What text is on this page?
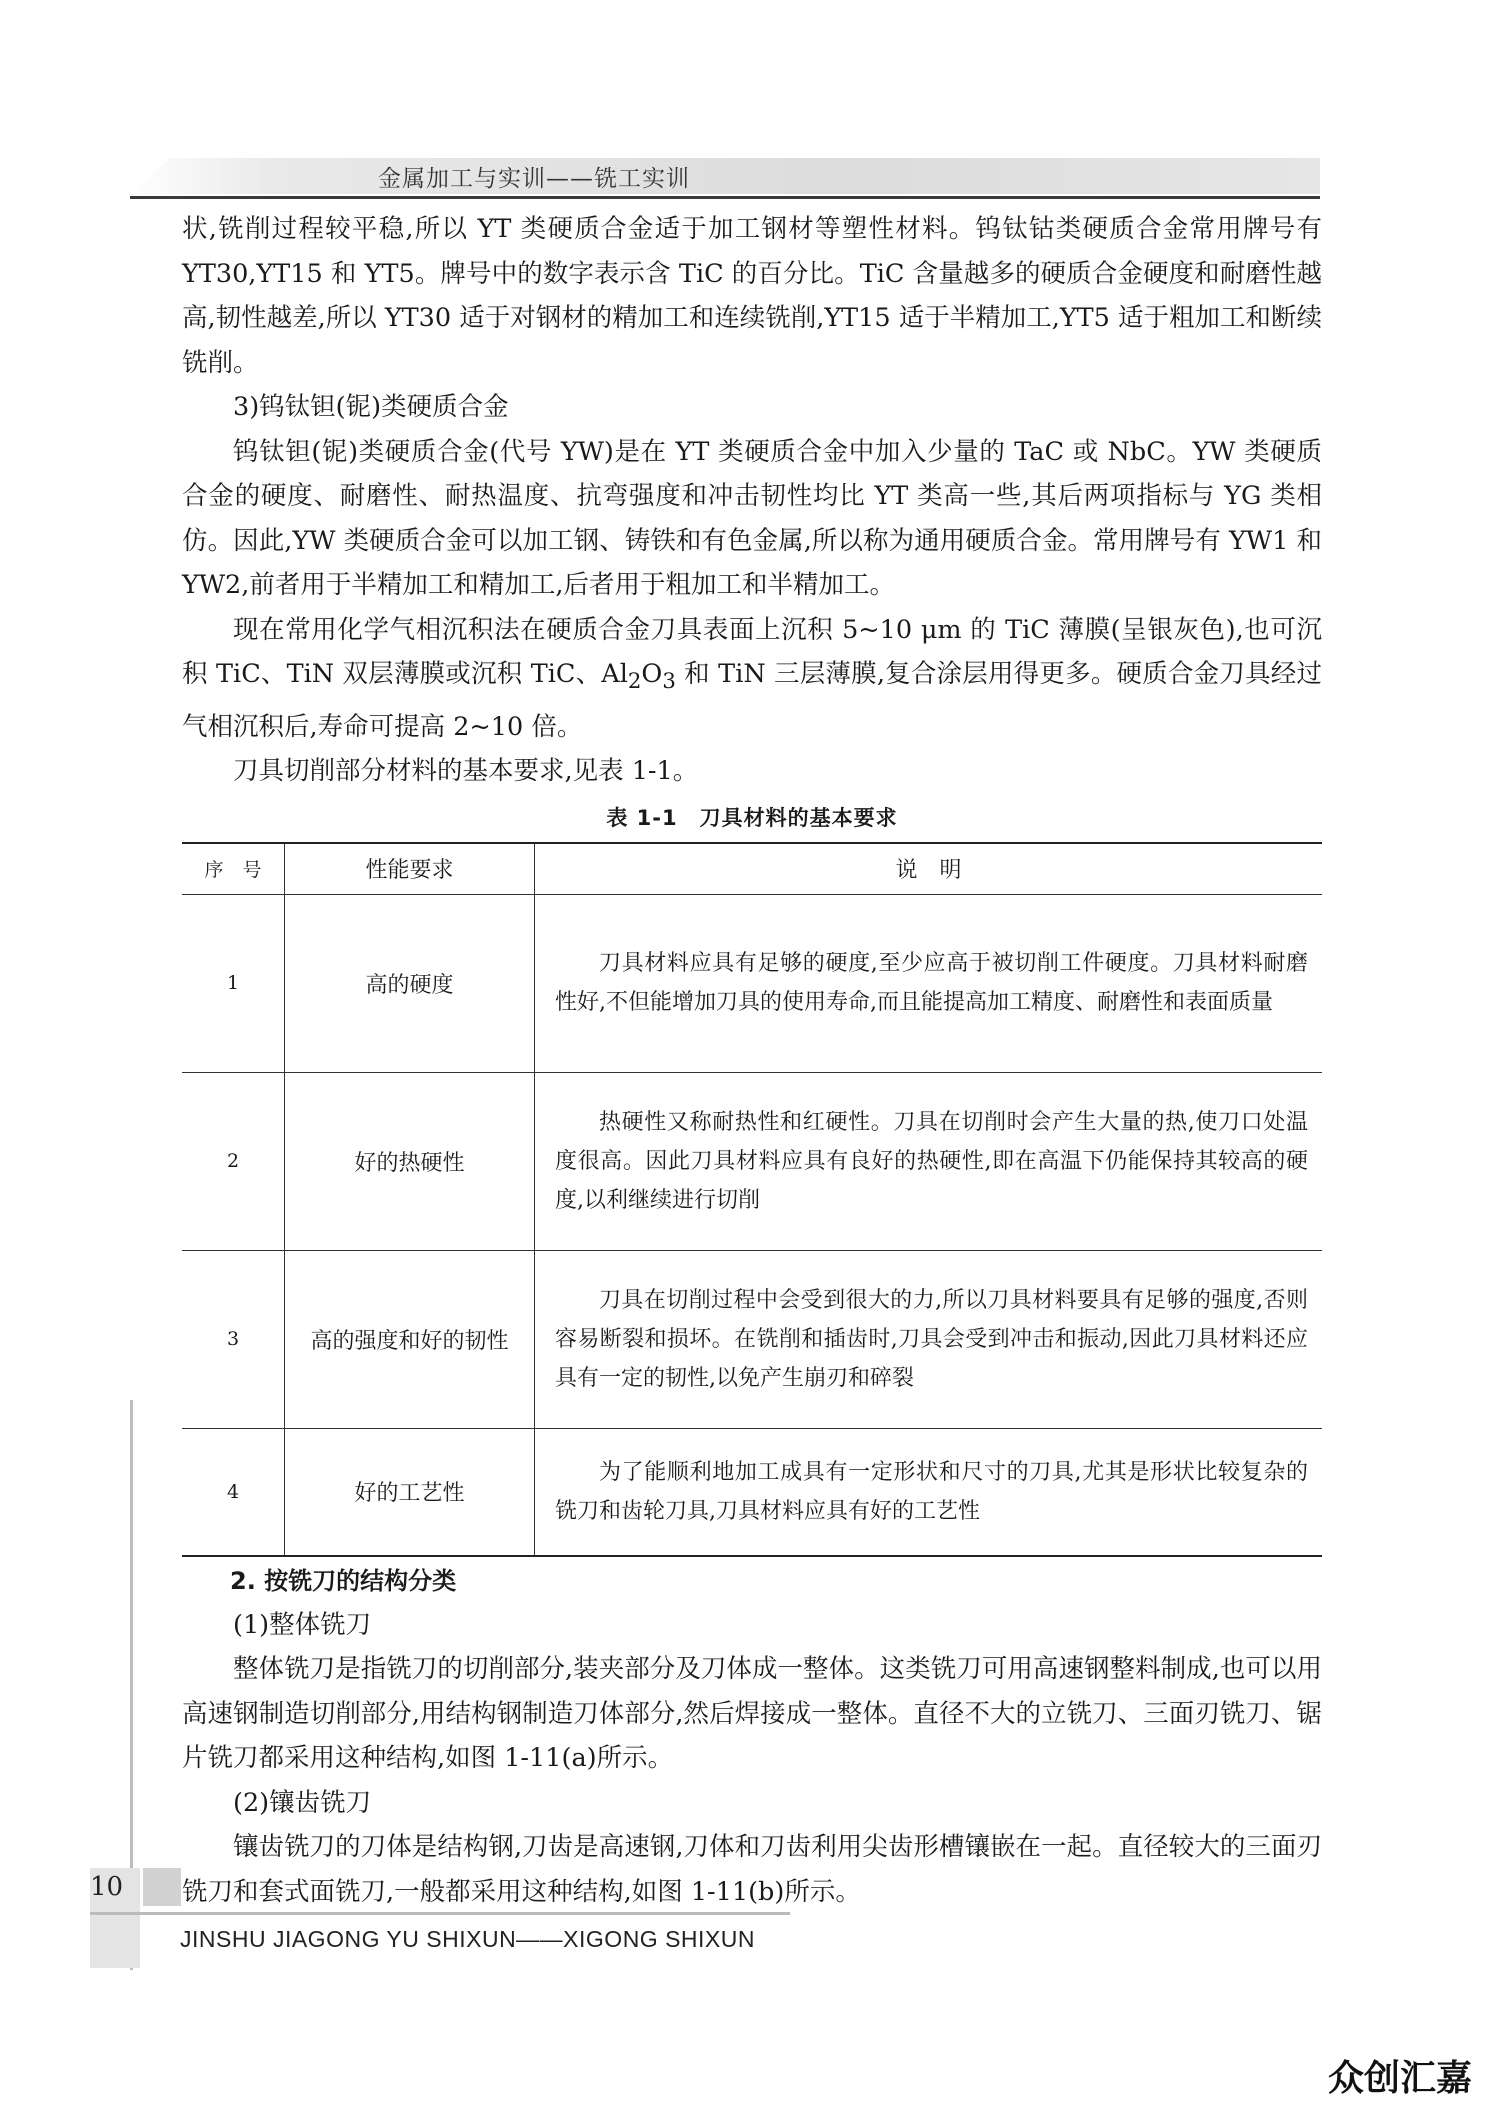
金属加工与实训——铣工实训

状,铣削过程较平稳,所以 YT 类硬质合金适于加工钢材等塑性材料。钨钛钴类硬质合金常用牌号有 YT30,YT15 和 YT5。牌号中的数字表示含 TiC 的百分比。TiC 含量越多的硬质合金硬度和耐磨性越高,韧性越差,所以 YT30 适于对钢材的精加工和连续铣削,YT15 适于半精加工,YT5 适于粗加工和断续铣削。

3)钨钛钽(铌)类硬质合金

钨钛钽(铌)类硬质合金(代号 YW)是在 YT 类硬质合金中加入少量的 TaC 或 NbC。YW 类硬质合金的硬度、耐磨性、耐热温度、抗弯强度和冲击韧性均比 YT 类高一些,其后两项指标与 YG 类相仿。因此,YW 类硬质合金可以加工钢、铸铁和有色金属,所以称为通用硬质合金。常用牌号有 YW1 和 YW2,前者用于半精加工和精加工,后者用于粗加工和半精加工。

现在常用化学气相沉积法在硬质合金刀具表面上沉积 5~10 μm 的 TiC 薄膜(呈银灰色),也可沉积 TiC、TiN 双层薄膜或沉积 TiC、$Al_2O_3$ 和 TiN 三层薄膜,复合涂层用得更多。硬质合金刀具经过气相沉积后,寿命可提高 2~10 倍。

刀具切削部分材料的基本要求,见表 1-1。

表 1-1　刀具材料的基本要求
序　号	性能要求	说　明
1	高的硬度	刀具材料应具有足够的硬度,至少应高于被切削工件硬度。刀具材料耐磨性好,不但能增加刀具的使用寿命,而且能提高加工精度、耐磨性和表面质量

2	好的热硬性	热硬性又称耐热性和红硬性。刀具在切削时会产生大量的热,使刀口处温度很高。因此刀具材料应具有良好的热硬性,即在高温下仍能保持其较高的硬度,以利继续进行切削

3	高的强度和好的韧性	刀具在切削过程中会受到很大的力,所以刀具材料要具有足够的强度,否则容易断裂和损坏。在铣削和插齿时,刀具会受到冲击和振动,因此刀具材料还应具有一定的韧性,以免产生崩刃和碎裂

4	好的工艺性	为了能顺利地加工成具有一定形状和尺寸的刀具,尤其是形状比较复杂的铣刀和齿轮刀具,刀具材料应具有好的工艺性

2. 按铣刀的结构分类

(1)整体铣刀

整体铣刀是指铣刀的切削部分,装夹部分及刀体成一整体。这类铣刀可用高速钢整料制成,也可以用高速钢制造切削部分,用结构钢制造刀体部分,然后焊接成一整体。直径不大的立铣刀、三面刃铣刀、锯片铣刀都采用这种结构,如图 1-11(a)所示。

(2)镶齿铣刀

镶齿铣刀的刀体是结构钢,刀齿是高速钢,刀体和刀齿利用尖齿形槽镶嵌在一起。直径较大的三面刃铣刀和套式面铣刀,一般都采用这种结构,如图 1-11(b)所示。

10
JINSHU JIAGONG YU SHIXUN——XIGONG SHIXUN
众创汇嘉
